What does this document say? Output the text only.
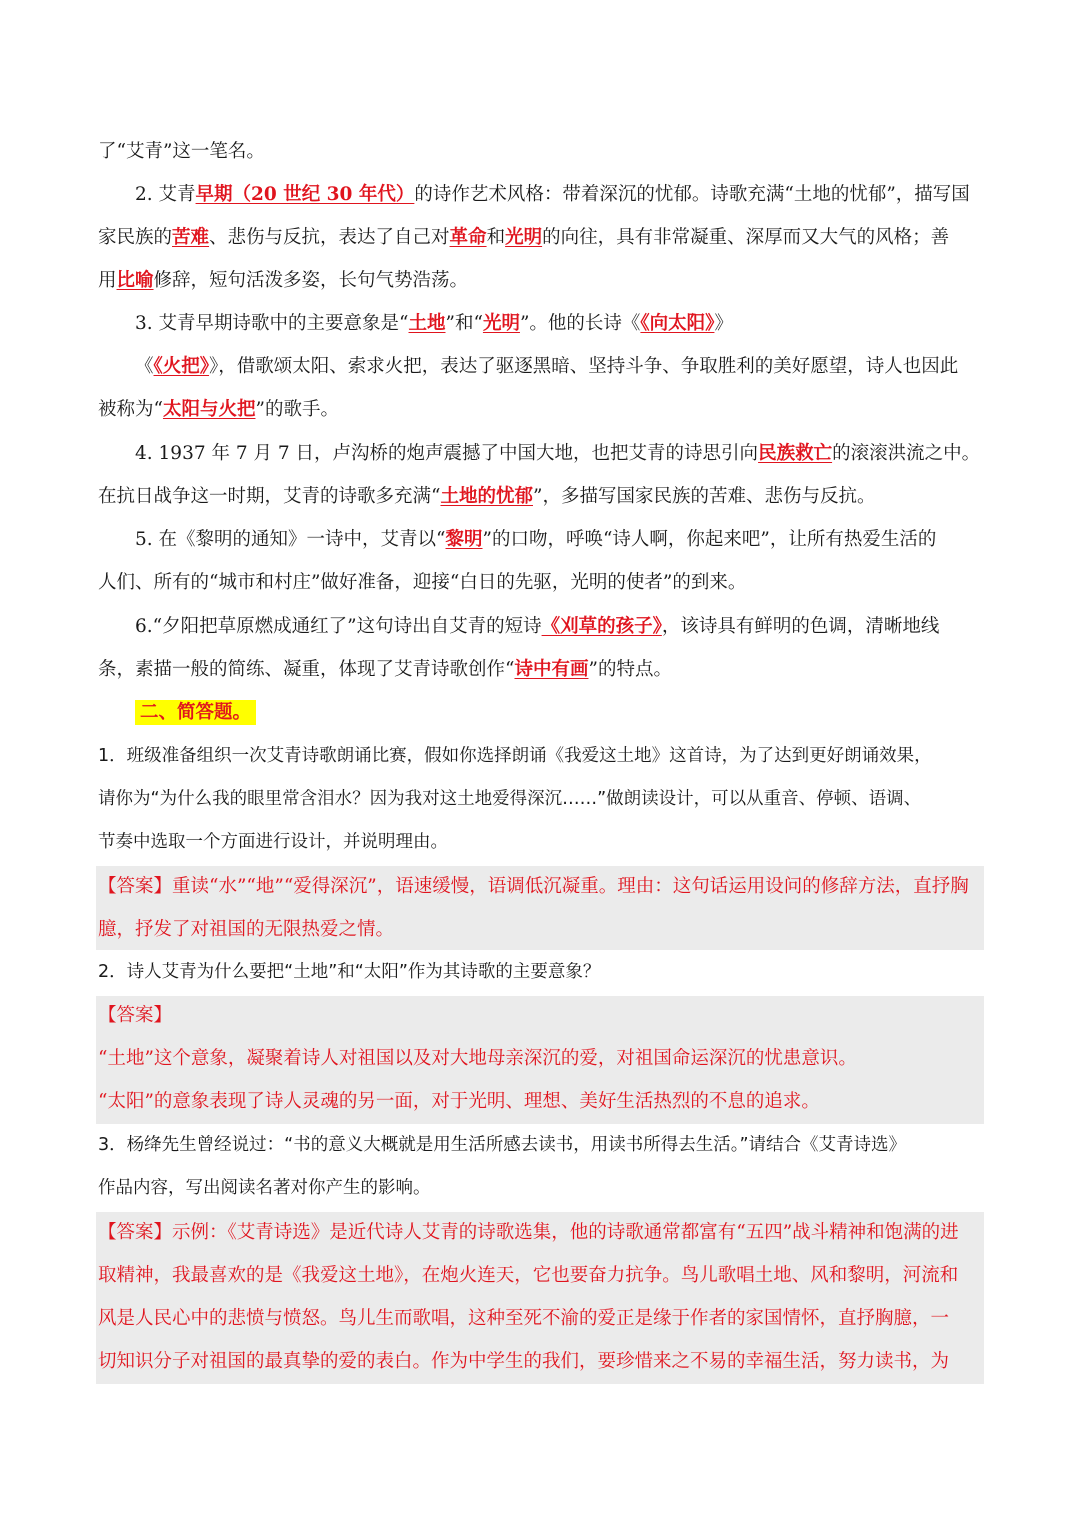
了“艾青”这一笔名。
2. 艾青早期（20 世纪 30 年代）的诗作艺术风格：带着深沉的忧郁。诗歌充满“土地的忧郁”，描写国
家民族的苦难、悲伤与反抗，表达了自己对革命和光明的向往，具有非常凝重、深厚而又大气的风格；善
用比喻修辞，短句活泼多姿，长句气势浩荡。
3. 艾青早期诗歌中的主要意象是“土地”和“光明”。他的长诗《《向太阳》》
《《火把》》，借歌颂太阳、索求火把，表达了驱逐黑暗、坚持斗争、争取胜利的美好愿望，诗人也因此
被称为“太阳与火把”的歌手。
4. 1937 年 7 月 7 日，卢沟桥的炮声震撼了中国大地，也把艾青的诗思引向民族救亡的滚滚洪流之中。
在抗日战争这一时期，艾青的诗歌多充满“土地的忧郁”，多描写国家民族的苦难、悲伤与反抗。
5. 在《黎明的通知》一诗中，艾青以“黎明”的口吻，呼唤“诗人啊，你起来吧”，让所有热爱生活的
人们、所有的“城市和村庄”做好准备，迎接“白日的先驱，光明的使者”的到来。
6.“夕阳把草原燃成通红了”这句诗出自艾青的短诗《刈草的孩子》，该诗具有鲜明的色调，清晰地线
条，素描一般的简练、凝重，体现了艾青诗歌创作“诗中有画”的特点。
二、简答题。
1．班级准备组织一次艾青诗歌朗诵比赛，假如你选择朗诵《我爱这土地》这首诗，为了达到更好朗诵效果，
请你为“为什么我的眼里常含泪水？因为我对这土地爱得深沉……”做朗读设计，可以从重音、停顿、语调、
节奏中选取一个方面进行设计，并说明理由。
【答案】重读“水”“地”“爱得深沉”，语速缓慢，语调低沉凝重。理由：这句话运用设问的修辞方法，直抒胸
臆，抒发了对祖国的无限热爱之情。
2．诗人艾青为什么要把“土地”和“太阳”作为其诗歌的主要意象？
【答案】
“土地”这个意象，凝聚着诗人对祖国以及对大地母亲深沉的爱，对祖国命运深沉的忧患意识。
“太阳”的意象表现了诗人灵魂的另一面，对于光明、理想、美好生活热烈的不息的追求。
3．杨绛先生曾经说过：“书的意义大概就是用生活所感去读书，用读书所得去生活。”请结合《艾青诗选》
作品内容，写出阅读名著对你产生的影响。
【答案】示例：《艾青诗选》是近代诗人艾青的诗歌选集，他的诗歌通常都富有“五四”战斗精神和饱满的进
取精神，我最喜欢的是《我爱这土地》，在炮火连天，它也要奋力抗争。鸟儿歌唱土地、风和黎明，河流和
风是人民心中的悲愤与愤怒。鸟儿生而歌唱，这种至死不渝的爱正是缘于作者的家国情怀，直抒胸臆，一
切知识分子对祖国的最真挚的爱的表白。作为中学生的我们，要珍惜来之不易的幸福生活，努力读书，为
